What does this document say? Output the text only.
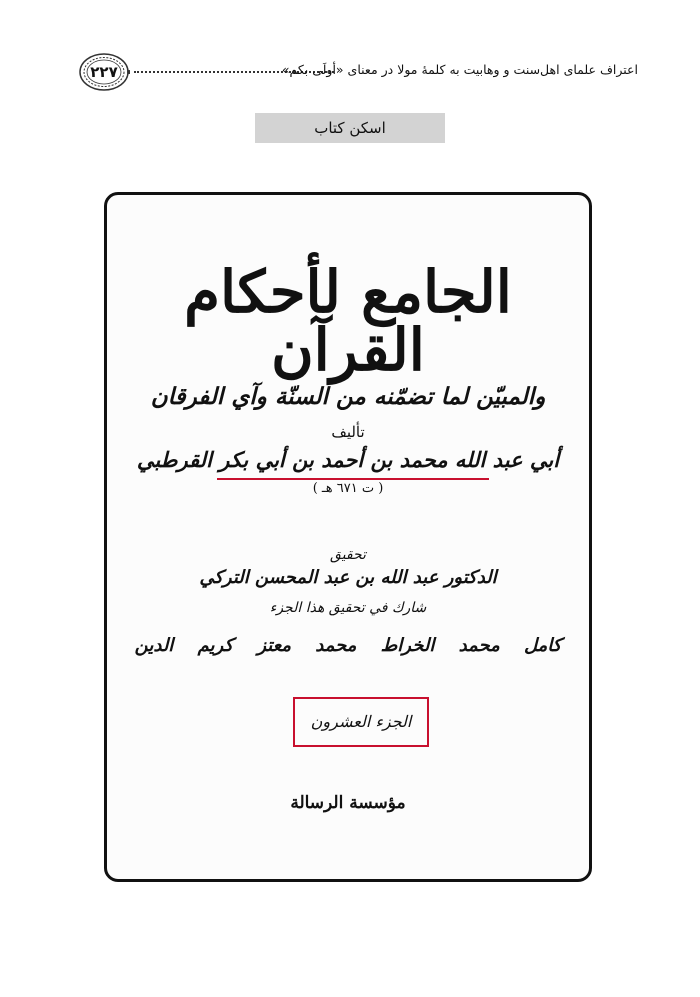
۲۲۷	اعتراف علمای اهل‌سنت و وهابیت به کلمهٔ مولا در معنای «أولَی بکم»
اسکن کتاب
الجامع لأحكام القرآن
والمبيّن لما تضمّنه من السنّة وآي الفرقان
تأليف
أبي عبد الله محمد بن أحمد بن أبي بكر القرطبي
( ت ٦٧١ هـ )
تحقيق
الدكتور عبد الله بن عبد المحسن التركي
شارك في تحقيق هذا الجزء
كامل محمد الخراط محمد معتز كريم الدين
الجزء العشرون
مؤسسة الرسالة
